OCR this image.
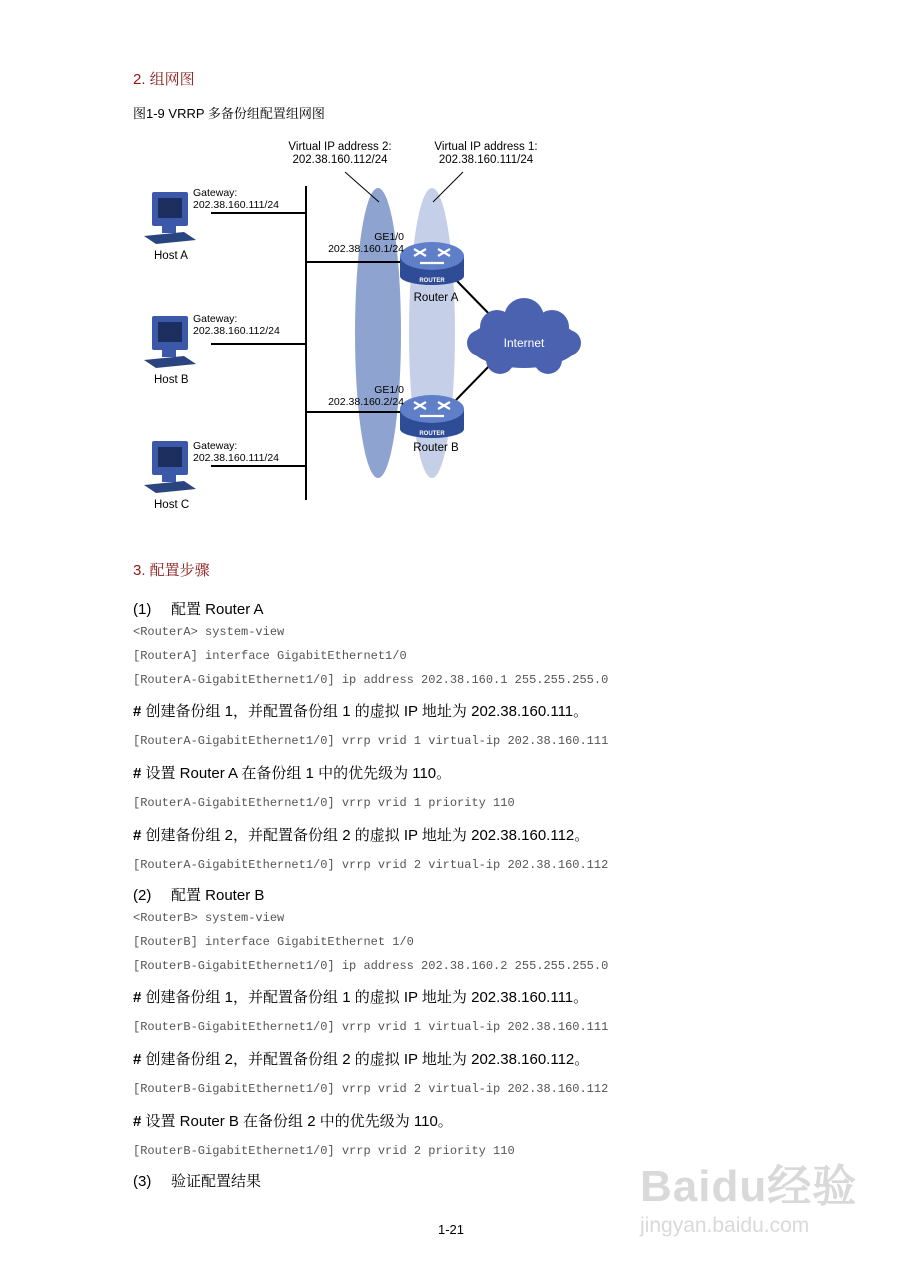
2. 组网图
图1-9 VRRP 多备份组配置组网图
Virtual IP address 2:
202.38.160.112/24
Virtual IP address 1:
202.38.160.111/24
Gateway:
202.38.160.111/24
Host A
Gateway:
202.38.160.112/24
Host B
Gateway:
202.38.160.111/24
Host C
GE1/0
202.38.160.1/24
ROUTER
Router A
GE1/0
202.38.160.2/24
ROUTER
Router B
Internet
3. 配置步骤
(1) 配置 Router A
<RouterA> system-view
[RouterA] interface GigabitEthernet1/0
[RouterA-GigabitEthernet1/0] ip address 202.38.160.1 255.255.255.0
# 创建备份组 1，并配置备份组 1 的虚拟 IP 地址为 202.38.160.111。
[RouterA-GigabitEthernet1/0] vrrp vrid 1 virtual-ip 202.38.160.111
# 设置 Router A 在备份组 1 中的优先级为 110。
[RouterA-GigabitEthernet1/0] vrrp vrid 1 priority 110
# 创建备份组 2，并配置备份组 2 的虚拟 IP 地址为 202.38.160.112。
[RouterA-GigabitEthernet1/0] vrrp vrid 2 virtual-ip 202.38.160.112
(2) 配置 Router B
<RouterB> system-view
[RouterB] interface GigabitEthernet 1/0
[RouterB-GigabitEthernet1/0] ip address 202.38.160.2 255.255.255.0
# 创建备份组 1，并配置备份组 1 的虚拟 IP 地址为 202.38.160.111。
[RouterB-GigabitEthernet1/0] vrrp vrid 1 virtual-ip 202.38.160.111
# 创建备份组 2，并配置备份组 2 的虚拟 IP 地址为 202.38.160.112。
[RouterB-GigabitEthernet1/0] vrrp vrid 2 virtual-ip 202.38.160.112
# 设置 Router B 在备份组 2 中的优先级为 110。
[RouterB-GigabitEthernet1/0] vrrp vrid 2 priority 110
(3) 验证配置结果
1-21
Baidu经验
jingyan.baidu.com
